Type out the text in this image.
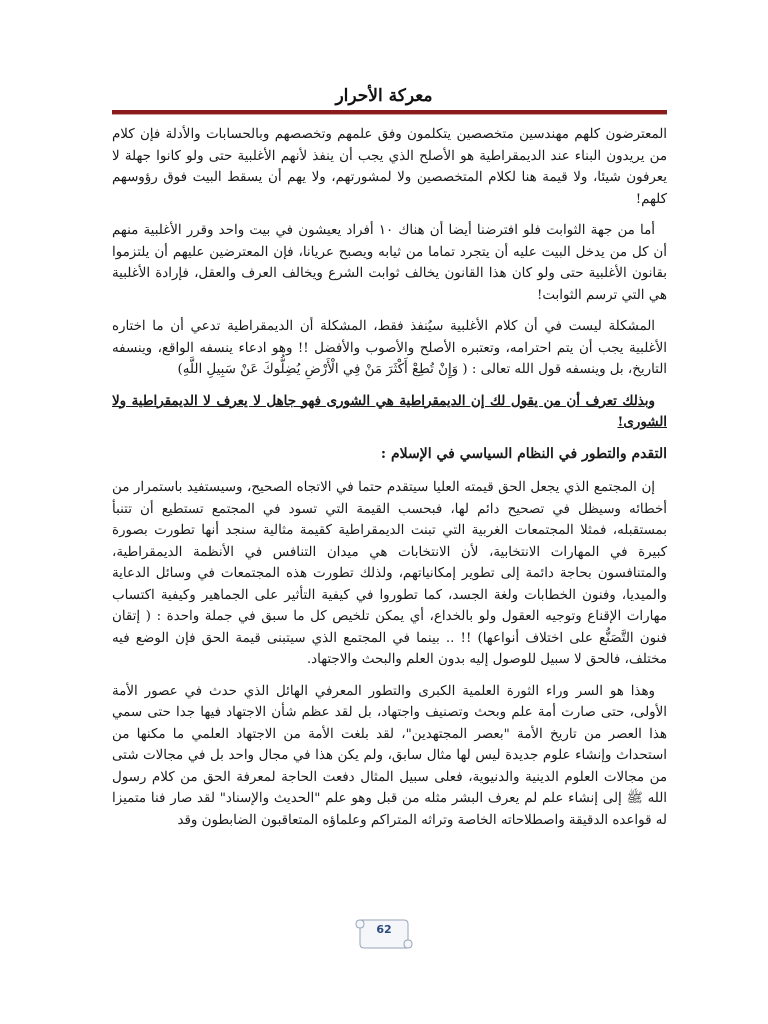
معركة الأحرار

المعترضون كلهم مهندسين متخصصين يتكلمون وفق علمهم وتخصصهم وبالحسابات والأدلة فإن كلام من يريدون البناء عند الديمقراطية هو الأصلح الذي يجب أن ينفذ لأنهم الأغلبية حتى ولو كانوا جهلة لا يعرفون شيئا، ولا قيمة هنا لكلام المتخصصين ولا لمشورتهم، ولا يهم أن يسقط البيت فوق رؤوسهم كلهم!

أما من جهة الثوابت فلو افترضنا أيضا أن هناك ١٠ أفراد يعيشون في بيت واحد وقرر الأغلبية منهم أن كل من يدخل البيت عليه أن يتجرد تماما من ثيابه ويصبح عريانا، فإن المعترضين عليهم أن يلتزموا بقانون الأغلبية حتى ولو كان هذا القانون يخالف ثوابت الشرع ويخالف العرف والعقل، فإرادة الأغلبية هي التي ترسم الثوابت!

المشكلة ليست في أن كلام الأغلبية سيُنفذ فقط، المشكلة أن الديمقراطية تدعي أن ما اختاره الأغلبية يجب أن يتم احترامه، وتعتبره الأصلح والأصوب والأفضل !! وهو ادعاء ينسفه الواقع، وينسفه التاريخ، بل وينسفه قول الله تعالى : ( وَإِنْ تُطِعْ أَكْثَرَ مَنْ فِي الْأَرْضِ يُضِلُّوكَ عَنْ سَبِيلِ اللَّهِ)

وبذلك تعرف أن من يقول لك إن الديمقراطية هي الشورى فهو جاهل لا يعرف لا الديمقراطية ولا الشورى!

التقدم والتطور في النظام السياسي في الإسلام :

إن المجتمع الذي يجعل الحق قيمته العليا سيتقدم حتما في الاتجاه الصحيح، وسيستفيد باستمرار من أخطائه وسيظل في تصحيح دائم لها، فبحسب القيمة التي تسود في المجتمع تستطيع أن تتنبأ بمستقبله، فمثلا المجتمعات الغربية التي تبنت الديمقراطية كقيمة مثالية سنجد أنها تطورت بصورة كبيرة في المهارات الانتخابية، لأن الانتخابات هي ميدان التنافس في الأنظمة الديمقراطية، والمتنافسون بحاجة دائمة إلى تطوير إمكانياتهم، ولذلك تطورت هذه المجتمعات في وسائل الدعاية والميديا، وفنون الخطابات ولغة الجسد، كما تطوروا في كيفية التأثير على الجماهير وكيفية اكتساب مهارات الإقناع وتوجيه العقول ولو بالخداع، أي يمكن تلخيص كل ما سبق في جملة واحدة : ( إتقان فنون التَّصَنُّع على اختلاف أنواعها) !! .. بينما في المجتمع الذي سيتبنى قيمة الحق فإن الوضع فيه مختلف، فالحق لا سبيل للوصول إليه بدون العلم والبحث والاجتهاد.

وهذا هو السر وراء الثورة العلمية الكبرى والتطور المعرفي الهائل الذي حدث في عصور الأمة الأولى، حتى صارت أمة علم وبحث وتصنيف واجتهاد، بل لقد عظم شأن الاجتهاد فيها جدا حتى سمي هذا العصر من تاريخ الأمة "بعصر المجتهدين"، لقد بلغت الأمة من الاجتهاد العلمي ما مكنها من استحداث وإنشاء علوم جديدة ليس لها مثال سابق، ولم يكن هذا في مجال واحد بل في مجالات شتى من مجالات العلوم الدينية والدنيوية، فعلى سبيل المثال دفعت الحاجة لمعرفة الحق من كلام رسول الله ﷺ إلى إنشاء علم لم يعرف البشر مثله من قبل وهو علم "الحديث والإسناد" لقد صار فنا متميزا له قواعده الدقيقة واصطلاحاته الخاصة وتراثه المتراكم وعلماؤه المتعاقبون الضابطون وقد

62
